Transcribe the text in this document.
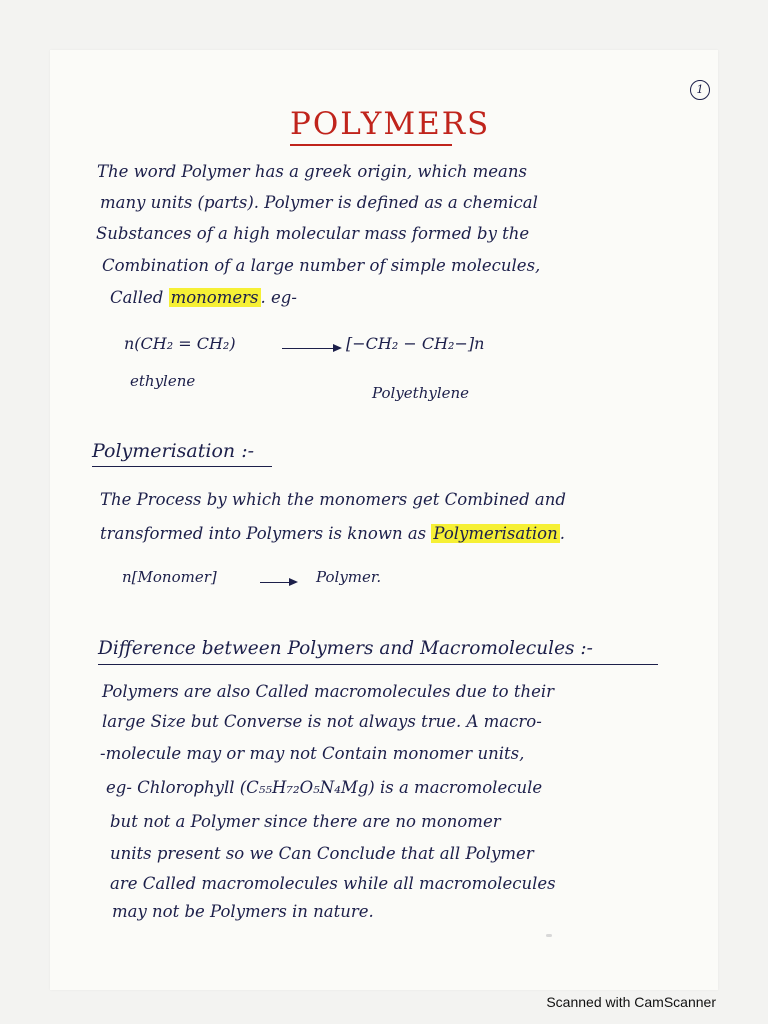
1
POLYMERS
The word Polymer has a greek origin, which means
many units (parts). Polymer is defined as a chemical
Substances of a high molecular mass formed by the
Combination of a large number of simple molecules,
Called monomers . eg-
n(CH₂ = CH₂)	→ [−CH₂ − CH₂−]n
ethylene
Polyethylene
Polymerisation :-
The Process by which the monomers get Combined and
transformed into Polymers is known as Polymerisation .
n[Monomer]	Polymer.
Difference between Polymers and Macromolecules :-
Polymers are also Called macromolecules due to their
large Size but Converse is not always true. A macro-
-molecule may or may not Contain monomer units,
eg- Chlorophyll (C₅₅H₇₂O₅N₄Mg) is a macromolecule
but not a Polymer since there are no monomer
units present so we Can Conclude that all Polymer
are Called macromolecules while all macromolecules
may not be Polymers in nature.
Scanned with CamScanner
